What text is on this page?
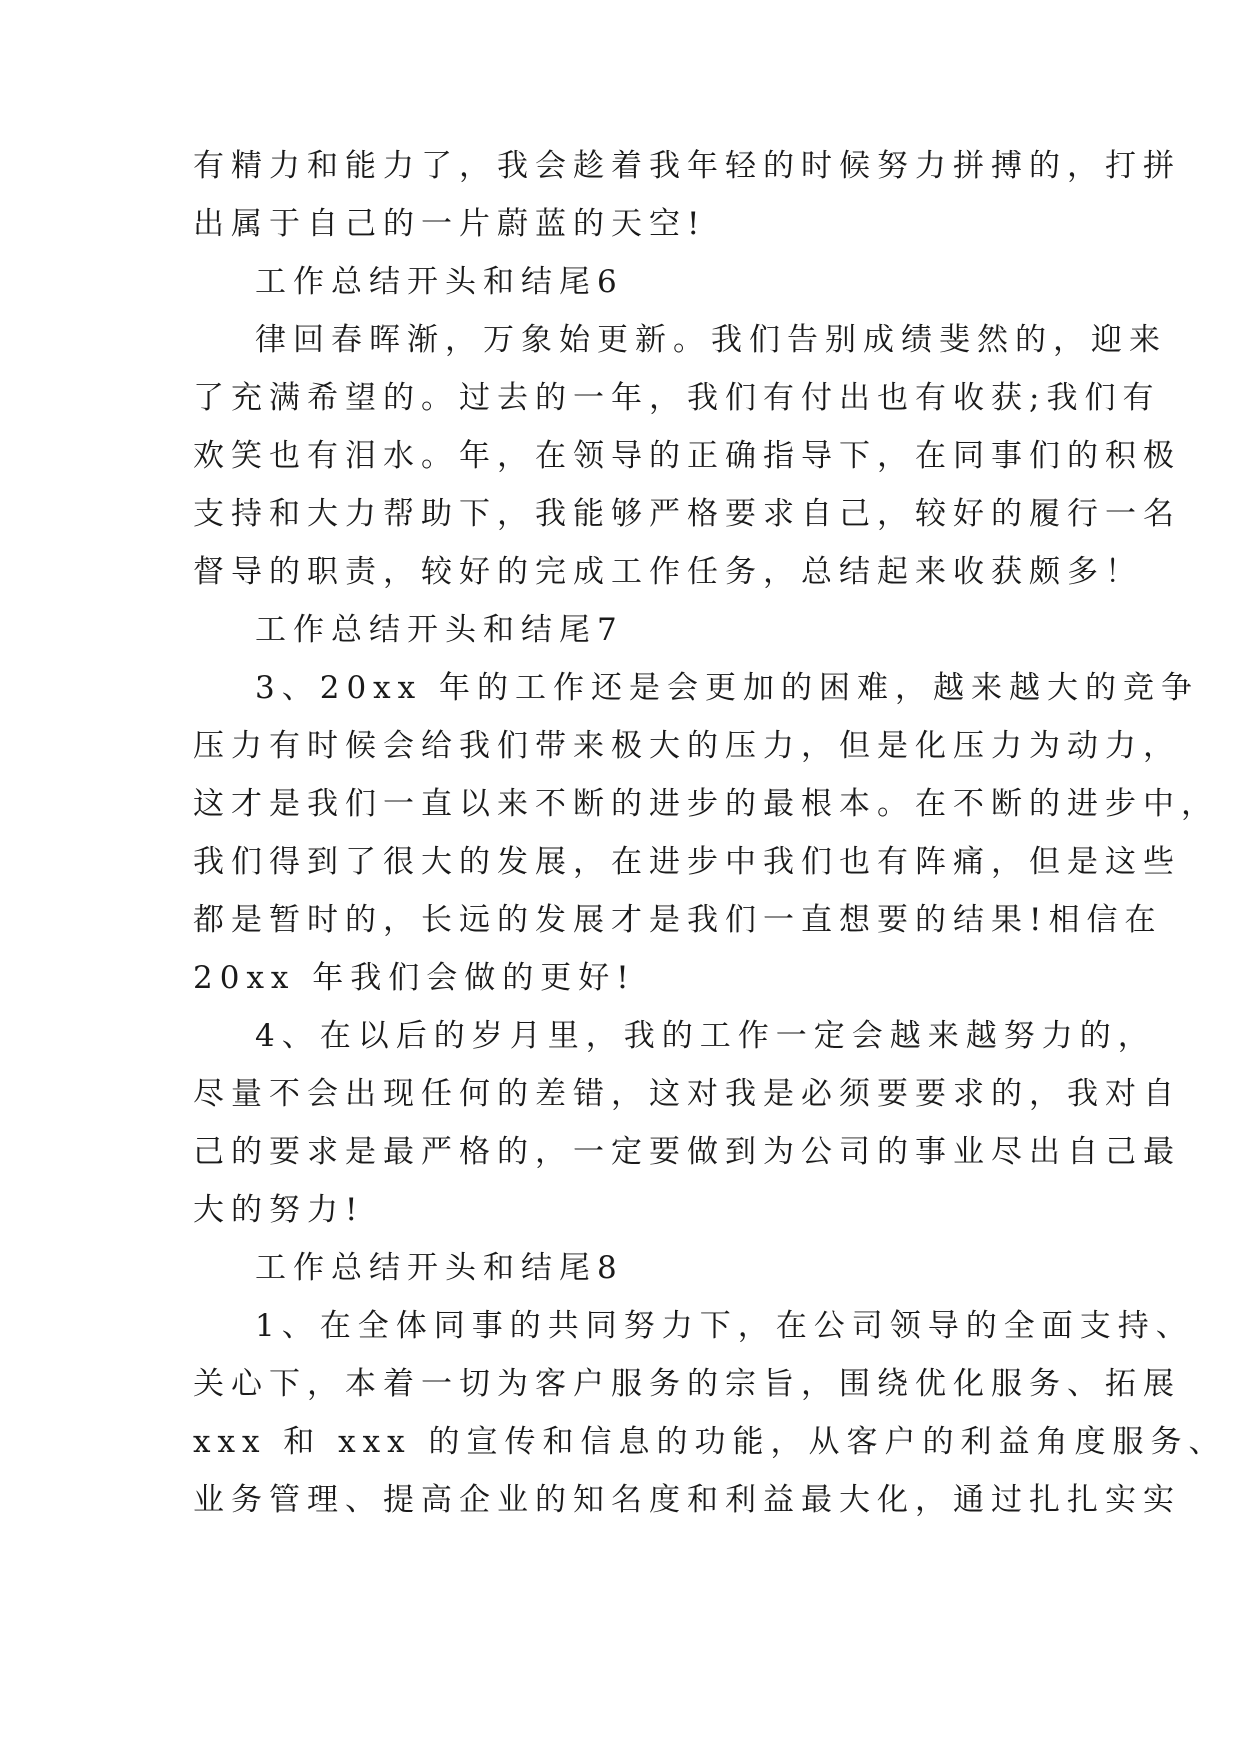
有精力和能力了，我会趁着我年轻的时候努力拼搏的，打拼
出属于自己的一片蔚蓝的天空!
工作总结开头和结尾6
律回春晖渐，万象始更新。我们告别成绩斐然的，迎来
了充满希望的。过去的一年，我们有付出也有收获;我们有
欢笑也有泪水。年，在领导的正确指导下，在同事们的积极
支持和大力帮助下，我能够严格要求自己，较好的履行一名
督导的职责，较好的完成工作任务，总结起来收获颇多！
工作总结开头和结尾7
3、20xx 年的工作还是会更加的困难，越来越大的竞争
压力有时候会给我们带来极大的压力，但是化压力为动力，
这才是我们一直以来不断的进步的最根本。在不断的进步中，
我们得到了很大的发展，在进步中我们也有阵痛，但是这些
都是暂时的，长远的发展才是我们一直想要的结果!相信在
20xx 年我们会做的更好!
4、在以后的岁月里，我的工作一定会越来越努力的，
尽量不会出现任何的差错，这对我是必须要要求的，我对自
己的要求是最严格的，一定要做到为公司的事业尽出自己最
大的努力!
工作总结开头和结尾8
1、在全体同事的共同努力下，在公司领导的全面支持、
关心下，本着一切为客户服务的宗旨，围绕优化服务、拓展
xxx 和 xxx 的宣传和信息的功能，从客户的利益角度服务、
业务管理、提高企业的知名度和利益最大化，通过扎扎实实
